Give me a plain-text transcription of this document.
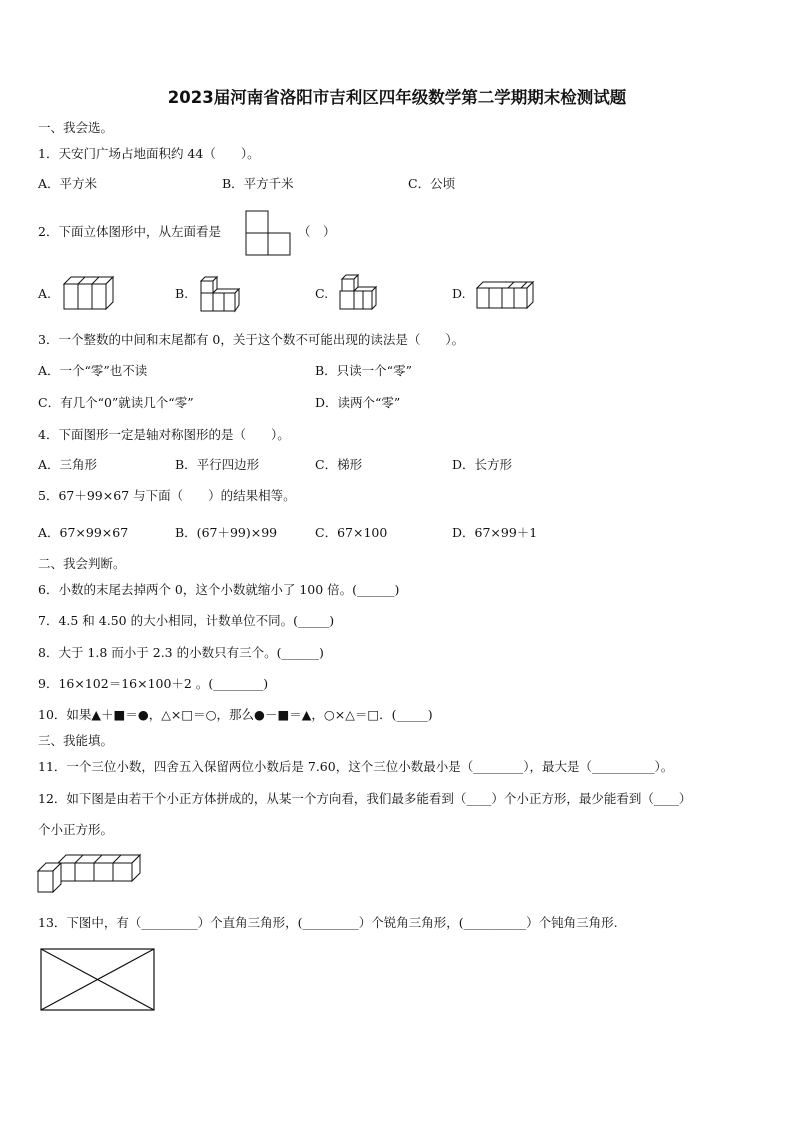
2023届河南省洛阳市吉利区四年级数学第二学期期末检测试题
一、我会选。
1．天安门广场占地面积约 44（　　）。
A．平方米	B．平方千米	C．公顷
2．下面立体图形中，从左面看是	（　）
A.	B.	C.	D.
3．一个整数的中间和末尾都有 0，关于这个数不可能出现的读法是（　　）。
A．一个“零”也不读	B．只读一个“零”
C．有几个“0”就读几个“零”	D．读两个“零”
4．下面图形一定是轴对称图形的是（　　）。
A．三角形	B．平行四边形	C．梯形	D．长方形
5．67＋99×67 与下面（　　）的结果相等。
A．67×99×67	B．(67＋99)×99	C．67×100	D．67×99＋1
二、我会判断。
6．小数的末尾去掉两个 0，这个小数就缩小了 100 倍。(______)
7．4.5 和 4.50 的大小相同，计数单位不同。(_____)
8．大于 1.8 而小于 2.3 的小数只有三个。(______)
9．16×102＝16×100＋2 。(________)
10．如果▲＋■＝●，△×□＝○，那么●－■＝▲，○×△＝□．(_____)
三、我能填。
11．一个三位小数，四舍五入保留两位小数后是 7.60，这个三位小数最小是（________），最大是（__________）。
12．如下图是由若干个小正方体拼成的，从某一个方向看，我们最多能看到（____）个小正方形，最少能看到（____）
个小正方形。
13．下图中，有（_________）个直角三角形，(_________）个锐角三角形，(__________）个钝角三角形.
